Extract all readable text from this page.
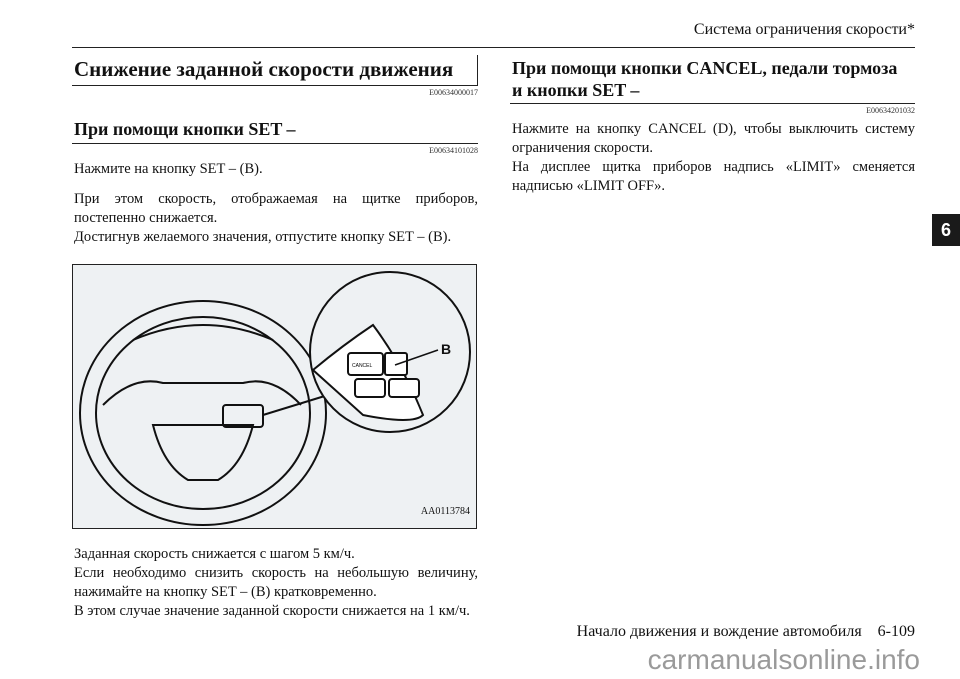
Система ограничения скорости*
Снижение заданной скорости движения
E00634000017
При помощи кнопки SET –
E00634101028
Нажмите на кнопку SET – (B).
При этом скорость, отображаемая на щитке приборов, постепенно снижается.
Достигнув желаемого значения, отпустите кнопку SET – (B).
CANCEL
B
AA0113784
Заданная скорость снижается с шагом 5 км/ч.
Если необходимо снизить скорость на небольшую величину, нажимайте на кнопку SET – (B) кратковременно.
В этом случае значение заданной скорости снижается на 1 км/ч.
При помощи кнопки CANCEL, педали тормоза
и кнопки SET –
E00634201032
Нажмите на кнопку CANCEL (D), чтобы выключить систему ограничения скорости.
На дисплее щитка приборов надпись «LIMIT» сменяется надписью «LIMIT OFF».
6
Начало движения и вождение автомобиля 6-109
carmanualsonline.info
